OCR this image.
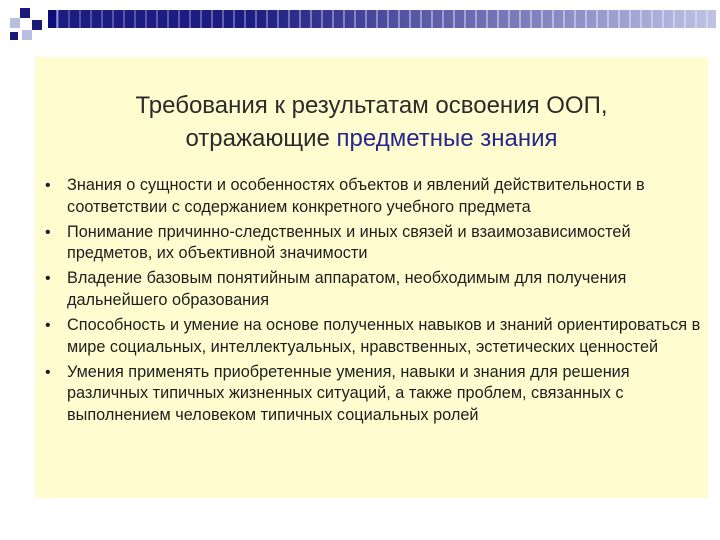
Требования к результатам освоения ООП,
отражающие предметные знания
• Знания о сущности и особенностях объектов и явлений действительности в соответствии с содержанием конкретного учебного предмета
• Понимание причинно-следственных и иных связей и взаимозависимостей предметов, их объективной значимости
• Владение базовым понятийным аппаратом, необходимым для получения дальнейшего образования
• Способность и умение на основе полученных навыков и знаний ориентироваться в мире социальных, интеллектуальных, нравственных, эстетических ценностей
• Умения применять приобретенные умения, навыки и знания для решения различных типичных жизненных ситуаций, а также проблем, связанных с выполнением человеком типичных социальных ролей
